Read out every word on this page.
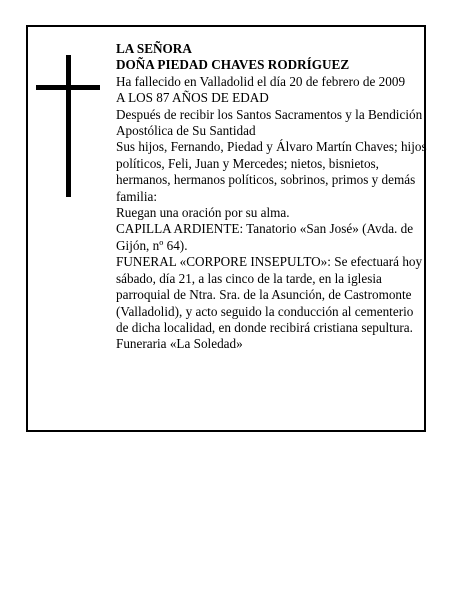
LA SEÑORA

DOÑA PIEDAD CHAVES RODRÍGUEZ

Ha fallecido en Valladolid el día 20 de febrero de 2009

A LOS 87 AÑOS DE EDAD

Después de recibir los Santos Sacramentos y la Bendición Apostólica de Su Santidad

Sus hijos, Fernando, Piedad y Álvaro Martín Chaves; hijos políticos, Feli, Juan y Mercedes; nietos, bisnietos, hermanos, hermanos políticos, sobrinos, primos y demás familia:

Ruegan una oración por su alma.

CAPILLA ARDIENTE: Tanatorio «San José» (Avda. de Gijón, nº 64).

FUNERAL «CORPORE INSEPULTO»: Se efectuará hoy sábado, día 21, a las cinco de la tarde, en la iglesia parroquial de Ntra. Sra. de la Asunción, de Castromonte (Valladolid), y acto seguido la conducción al cementerio de dicha localidad, en donde recibirá cristiana sepultura.

Funeraria «La Soledad»
